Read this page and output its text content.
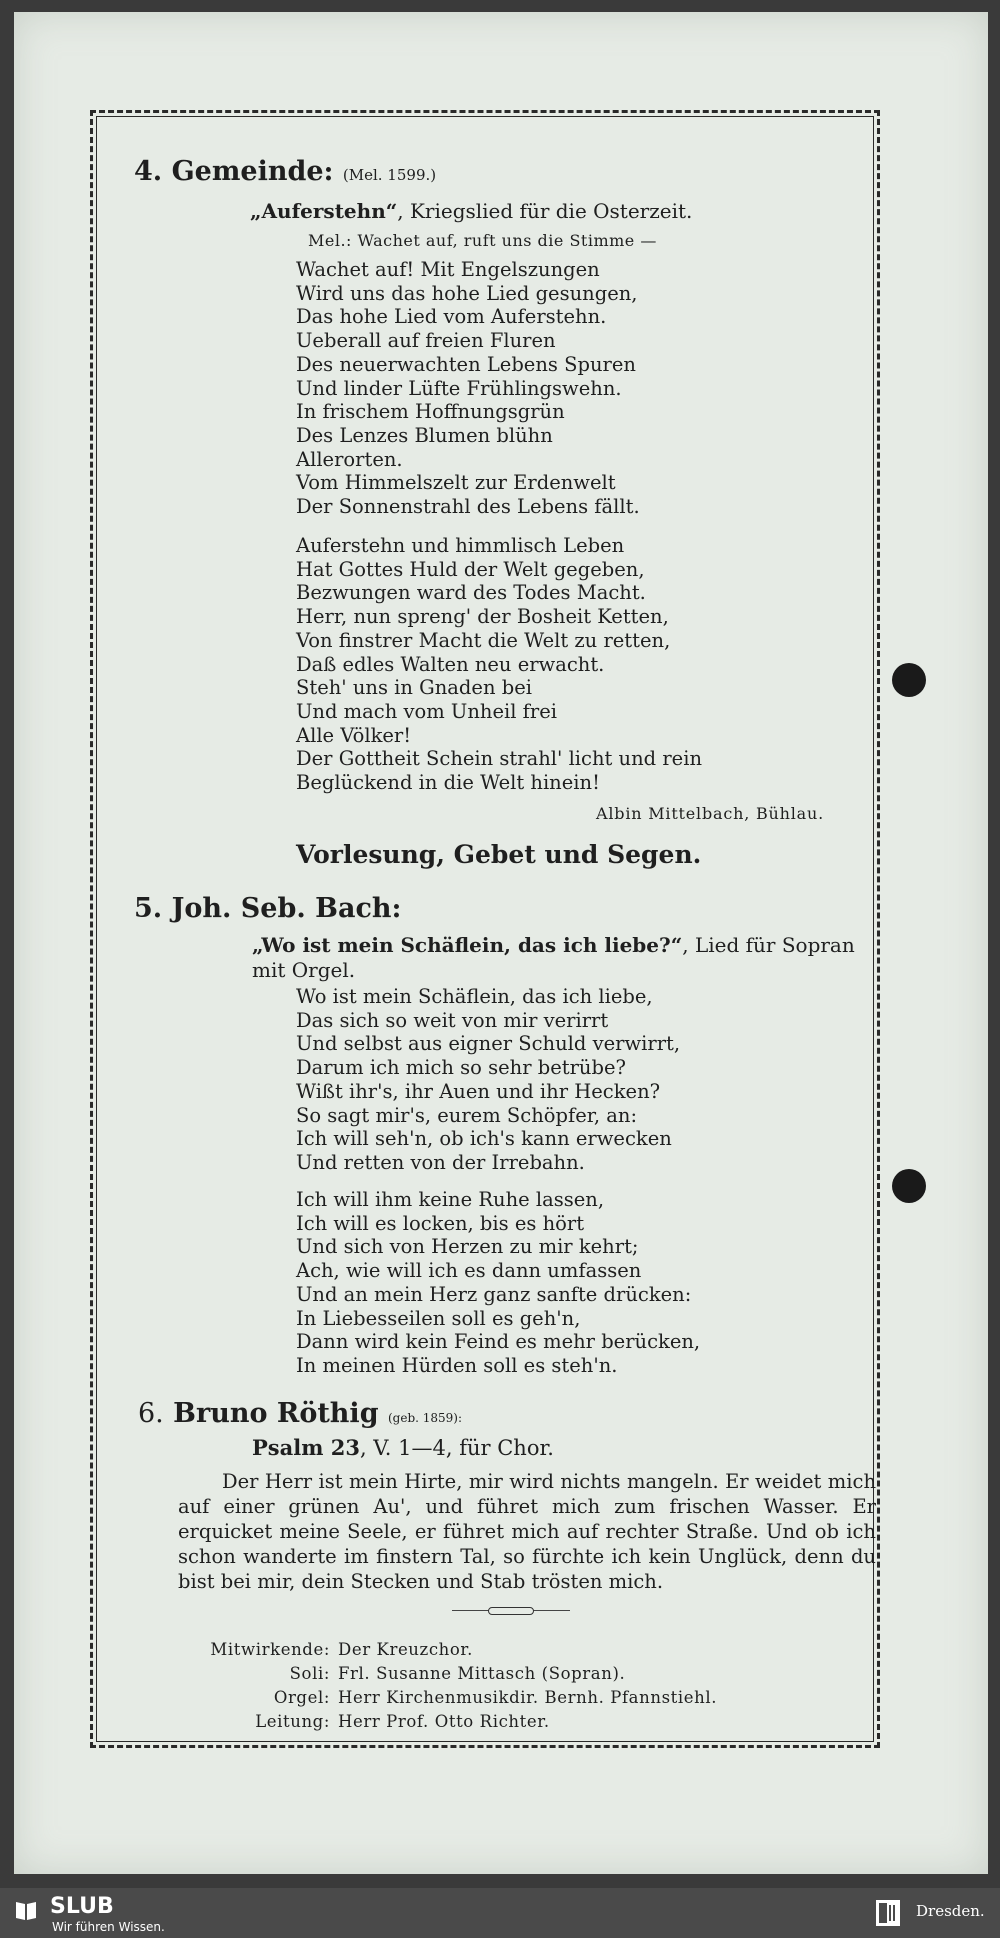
4. Gemeinde: (Mel. 1599.)
„Auferstehn“, Kriegslied für die Osterzeit.
Mel.: Wachet auf, ruft uns die Stimme —
Wachet auf! Mit Engelszungen
Wird uns das hohe Lied gesungen,
Das hohe Lied vom Auferstehn.
Ueberall auf freien Fluren
Des neuerwachten Lebens Spuren
Und linder Lüfte Frühlingswehn.
In frischem Hoffnungsgrün
Des Lenzes Blumen blühn
Allerorten.
Vom Himmelszelt zur Erdenwelt
Der Sonnenstrahl des Lebens fällt.
Auferstehn und himmlisch Leben
Hat Gottes Huld der Welt gegeben,
Bezwungen ward des Todes Macht.
Herr, nun spreng' der Bosheit Ketten,
Von finstrer Macht die Welt zu retten,
Daß edles Walten neu erwacht.
Steh' uns in Gnaden bei
Und mach vom Unheil frei
Alle Völker!
Der Gottheit Schein strahl' licht und rein
Beglückend in die Welt hinein!
Albin Mittelbach, Bühlau.
Vorlesung, Gebet und Segen.
5. Joh. Seb. Bach:
„Wo ist mein Schäflein, das ich liebe?“, Lied für Sopran
mit Orgel.
Wo ist mein Schäflein, das ich liebe,
Das sich so weit von mir verirrt
Und selbst aus eigner Schuld verwirrt,
Darum ich mich so sehr betrübe?
Wißt ihr's, ihr Auen und ihr Hecken?
So sagt mir's, eurem Schöpfer, an:
Ich will seh'n, ob ich's kann erwecken
Und retten von der Irrebahn.
Ich will ihm keine Ruhe lassen,
Ich will es locken, bis es hört
Und sich von Herzen zu mir kehrt;
Ach, wie will ich es dann umfassen
Und an mein Herz ganz sanfte drücken:
In Liebesseilen soll es geh'n,
Dann wird kein Feind es mehr berücken,
In meinen Hürden soll es steh'n.
6. Bruno Röthig (geb. 1859):
Psalm 23, V. 1—4, für Chor.
Der Herr ist mein Hirte, mir wird nichts mangeln. Er weidet mich auf einer grünen Au', und führet mich zum frischen Wasser. Er erquicket meine Seele, er führet mich auf rechter Straße. Und ob ich schon wanderte im finstern Tal, so fürchte ich kein Unglück, denn du bist bei mir, dein Stecken und Stab trösten mich.
Mitwirkende: Der Kreuzchor.
Soli: Frl. Susanne Mittasch (Sopran).
Orgel: Herr Kirchenmusikdir. Bernh. Pfannstiehl.
Leitung: Herr Prof. Otto Richter.
SLUB
Wir führen Wissen.
Dresden.
